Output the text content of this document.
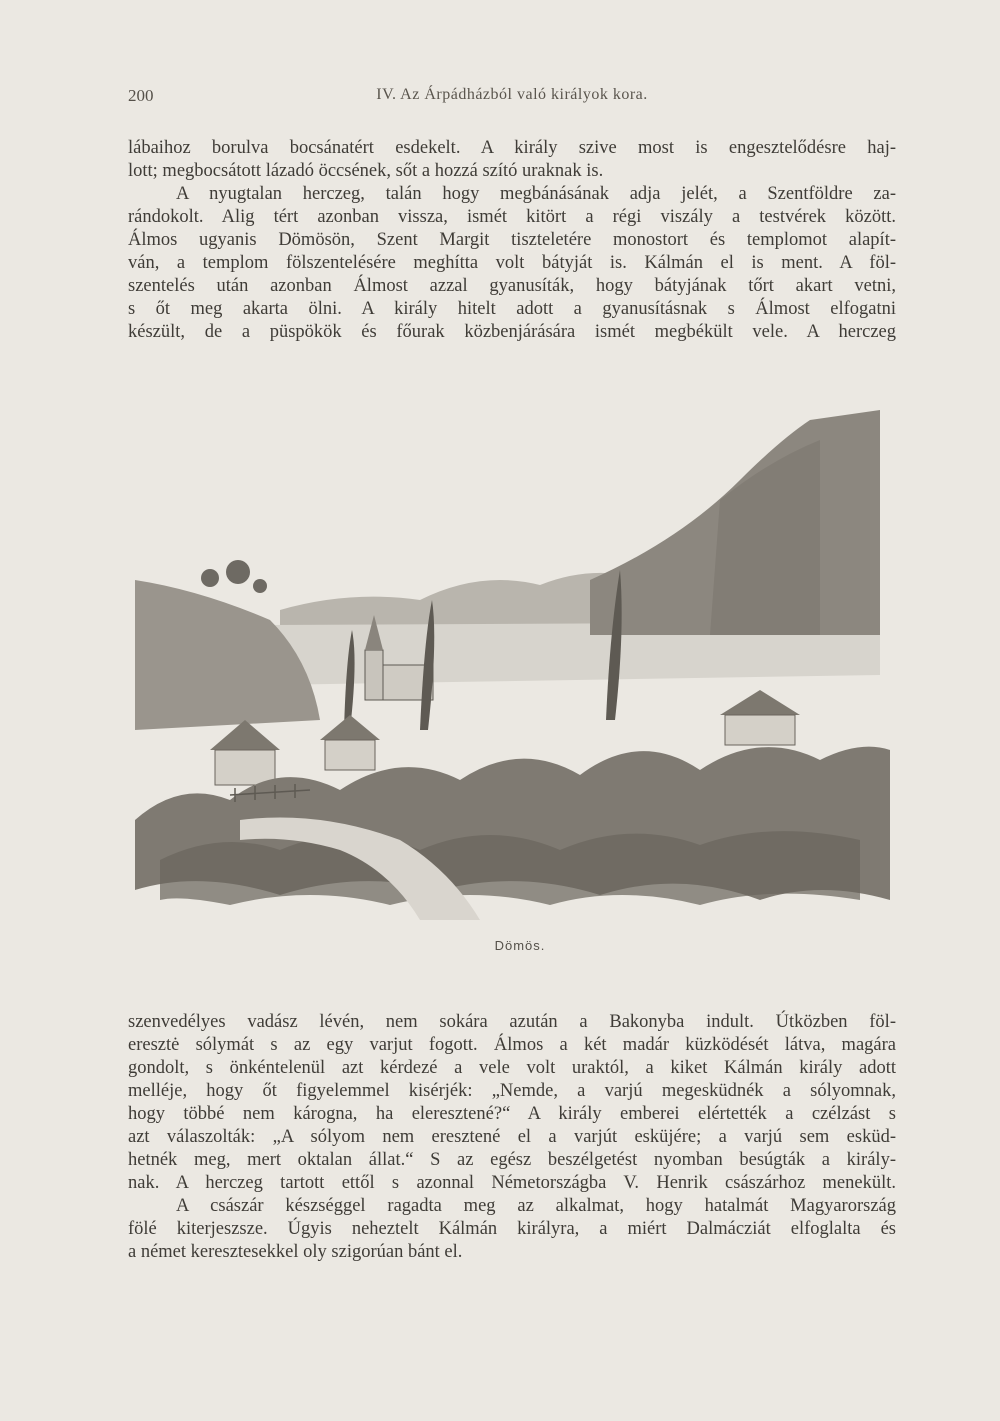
200	IV. Az Árpádházból való királyok kora.

lábaihoz borulva bocsánatért esdekelt. A király szive most is engesztelődésre haj-

lott; megbocsátott lázadó öccsének, sőt a hozzá szító uraknak is.

A nyugtalan herczeg, talán hogy megbánásának adja jelét, a Szentföldre za-

rándokolt. Alig tért azonban vissza, ismét kitört a régi viszály a testvérek között.

Álmos ugyanis Dömösön, Szent Margit tiszteletére monostort és templomot alapít-

ván, a templom fölszentelésére meghítta volt bátyját is. Kálmán el is ment. A föl-

szentelés után azonban Álmost azzal gyanusíták, hogy bátyjának tőrt akart vetni,

s őt meg akarta ölni. A király hitelt adott a gyanusításnak s Álmost elfogatni

készült, de a püspökök és főurak közbenjárására ismét megbékült vele. A herczeg

Dömös.

szenvedélyes vadász lévén, nem sokára azután a Bakonyba indult. Útközben föl-

eresztė sólymát s az egy varjut fogott. Álmos a két madár küzködését látva, magára

gondolt, s önkéntelenül azt kérdezé a vele volt uraktól, a kiket Kálmán király adott

melléje, hogy őt figyelemmel kisérjék: „Nemde, a varjú megesküdnék a sólyomnak,

hogy többé nem károgna, ha eleresztené?“ A király emberei elértették a czélzást s

azt válaszolták: „A sólyom nem eresztené el a varjút esküjére; a varjú sem esküd-

hetnék meg, mert oktalan állat.“ S az egész beszélgetést nyomban besúgták a király-

nak. A herczeg tartott ettől s azonnal Németországba V. Henrik császárhoz menekült.

A császár készséggel ragadta meg az alkalmat, hogy hatalmát Magyarország

fölé kiterjeszsze. Úgyis neheztelt Kálmán királyra, a miért Dalmácziát elfoglalta és

a német keresztesekkel oly szigorúan bánt el.
